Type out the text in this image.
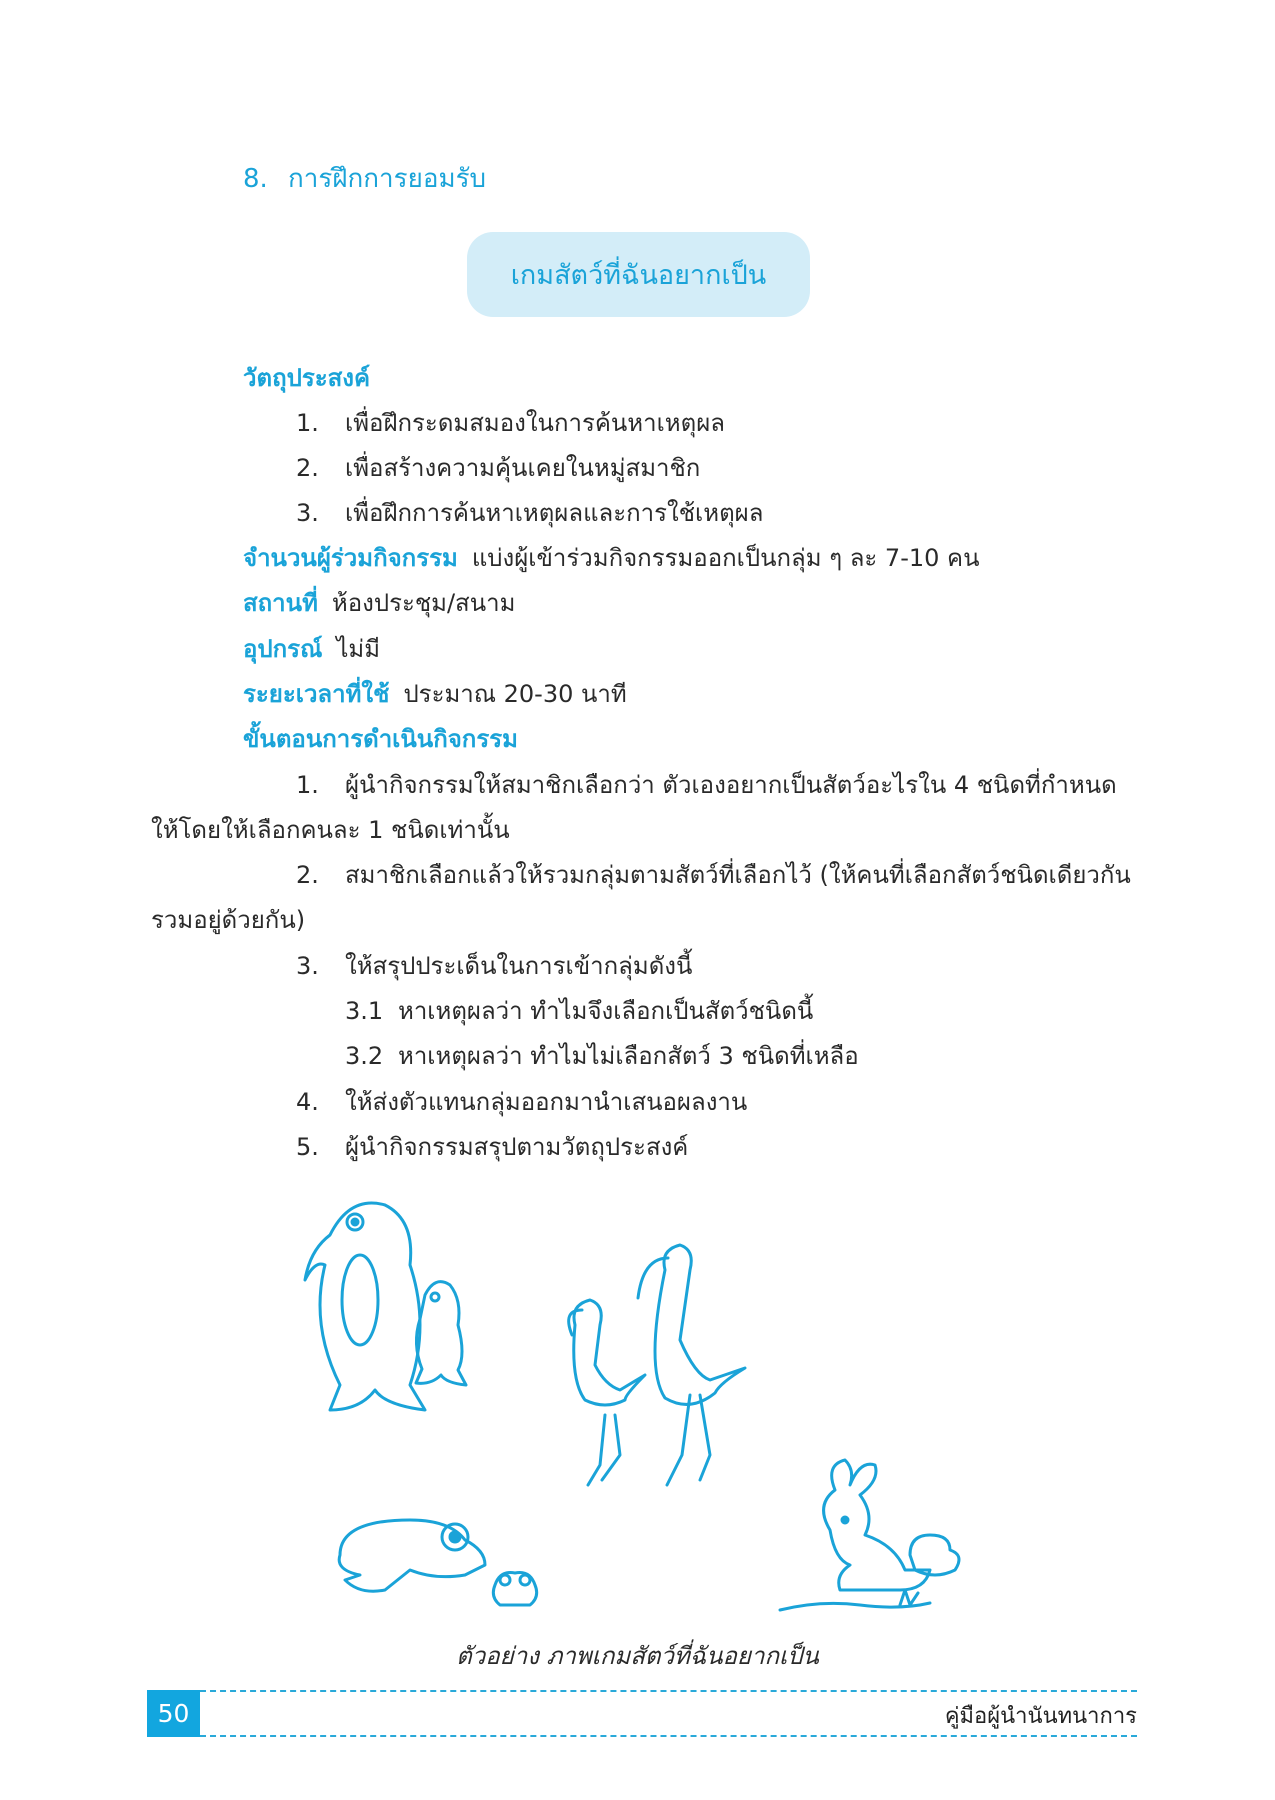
8. การฝึกการยอมรับ
เกมสัตว์ที่ฉันอยากเป็น
วัตถุประสงค์
1. เพื่อฝึกระดมสมองในการค้นหาเหตุผล
2. เพื่อสร้างความคุ้นเคยในหมู่สมาชิก
3. เพื่อฝึกการค้นหาเหตุผลและการใช้เหตุผล
จำนวนผู้ร่วมกิจกรรม แบ่งผู้เข้าร่วมกิจกรรมออกเป็นกลุ่ม ๆ ละ 7-10 คน
สถานที่ ห้องประชุม/สนาม
อุปกรณ์ ไม่มี
ระยะเวลาที่ใช้ ประมาณ 20-30 นาที
ขั้นตอนการดำเนินกิจกรรม
1. ผู้นำกิจกรรมให้สมาชิกเลือกว่า ตัวเองอยากเป็นสัตว์อะไรใน 4 ชนิดที่กำหนด
ให้โดยให้เลือกคนละ 1 ชนิดเท่านั้น
2. สมาชิกเลือกแล้วให้รวมกลุ่มตามสัตว์ที่เลือกไว้ (ให้คนที่เลือกสัตว์ชนิดเดียวกัน
รวมอยู่ด้วยกัน)
3. ให้สรุปประเด็นในการเข้ากลุ่มดังนี้
3.1 หาเหตุผลว่า ทำไมจึงเลือกเป็นสัตว์ชนิดนี้
3.2 หาเหตุผลว่า ทำไมไม่เลือกสัตว์ 3 ชนิดที่เหลือ
4. ให้ส่งตัวแทนกลุ่มออกมานำเสนอผลงาน
5. ผู้นำกิจกรรมสรุปตามวัตถุประสงค์
ตัวอย่าง ภาพเกมสัตว์ที่ฉันอยากเป็น
50	คู่มือผู้นำนันทนาการ
